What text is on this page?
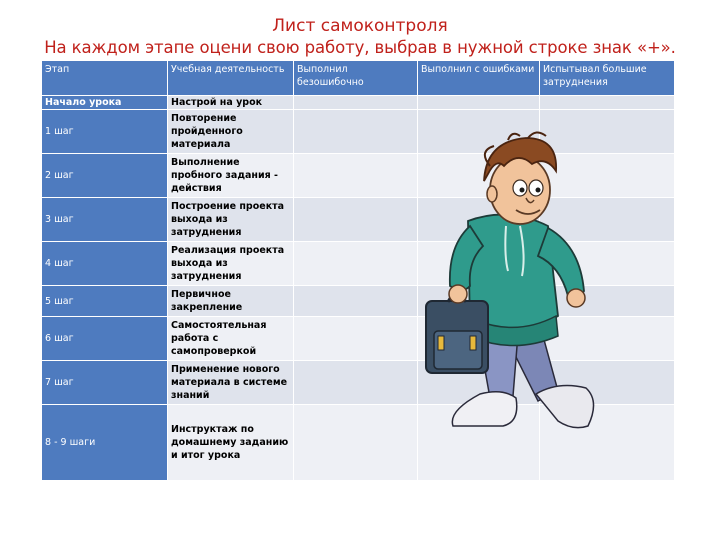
Лист самоконтроля
На каждом этапе оцени свою работу, выбрав в нужной строке знак «+».
Этап	Учебная деятельность	Выполнил безошибочно	Выполнил с ошибками	Испытывал большие затруднения
Начало урока	Настрой на урок			
1 шаг	Повторение пройденного материала			
2 шаг	Выполнение пробного задания - действия			
3 шаг	Построение проекта выхода из затруднения			
4 шаг	Реализация проекта выхода из затруднения			
5 шаг	Первичное закрепление			
6 шаг	Самостоятельная работа с самопроверкой			
7 шаг	Применение нового материала в системе знаний			
8 - 9 шаги	Инструктаж по домашнему заданию и итог урока			
